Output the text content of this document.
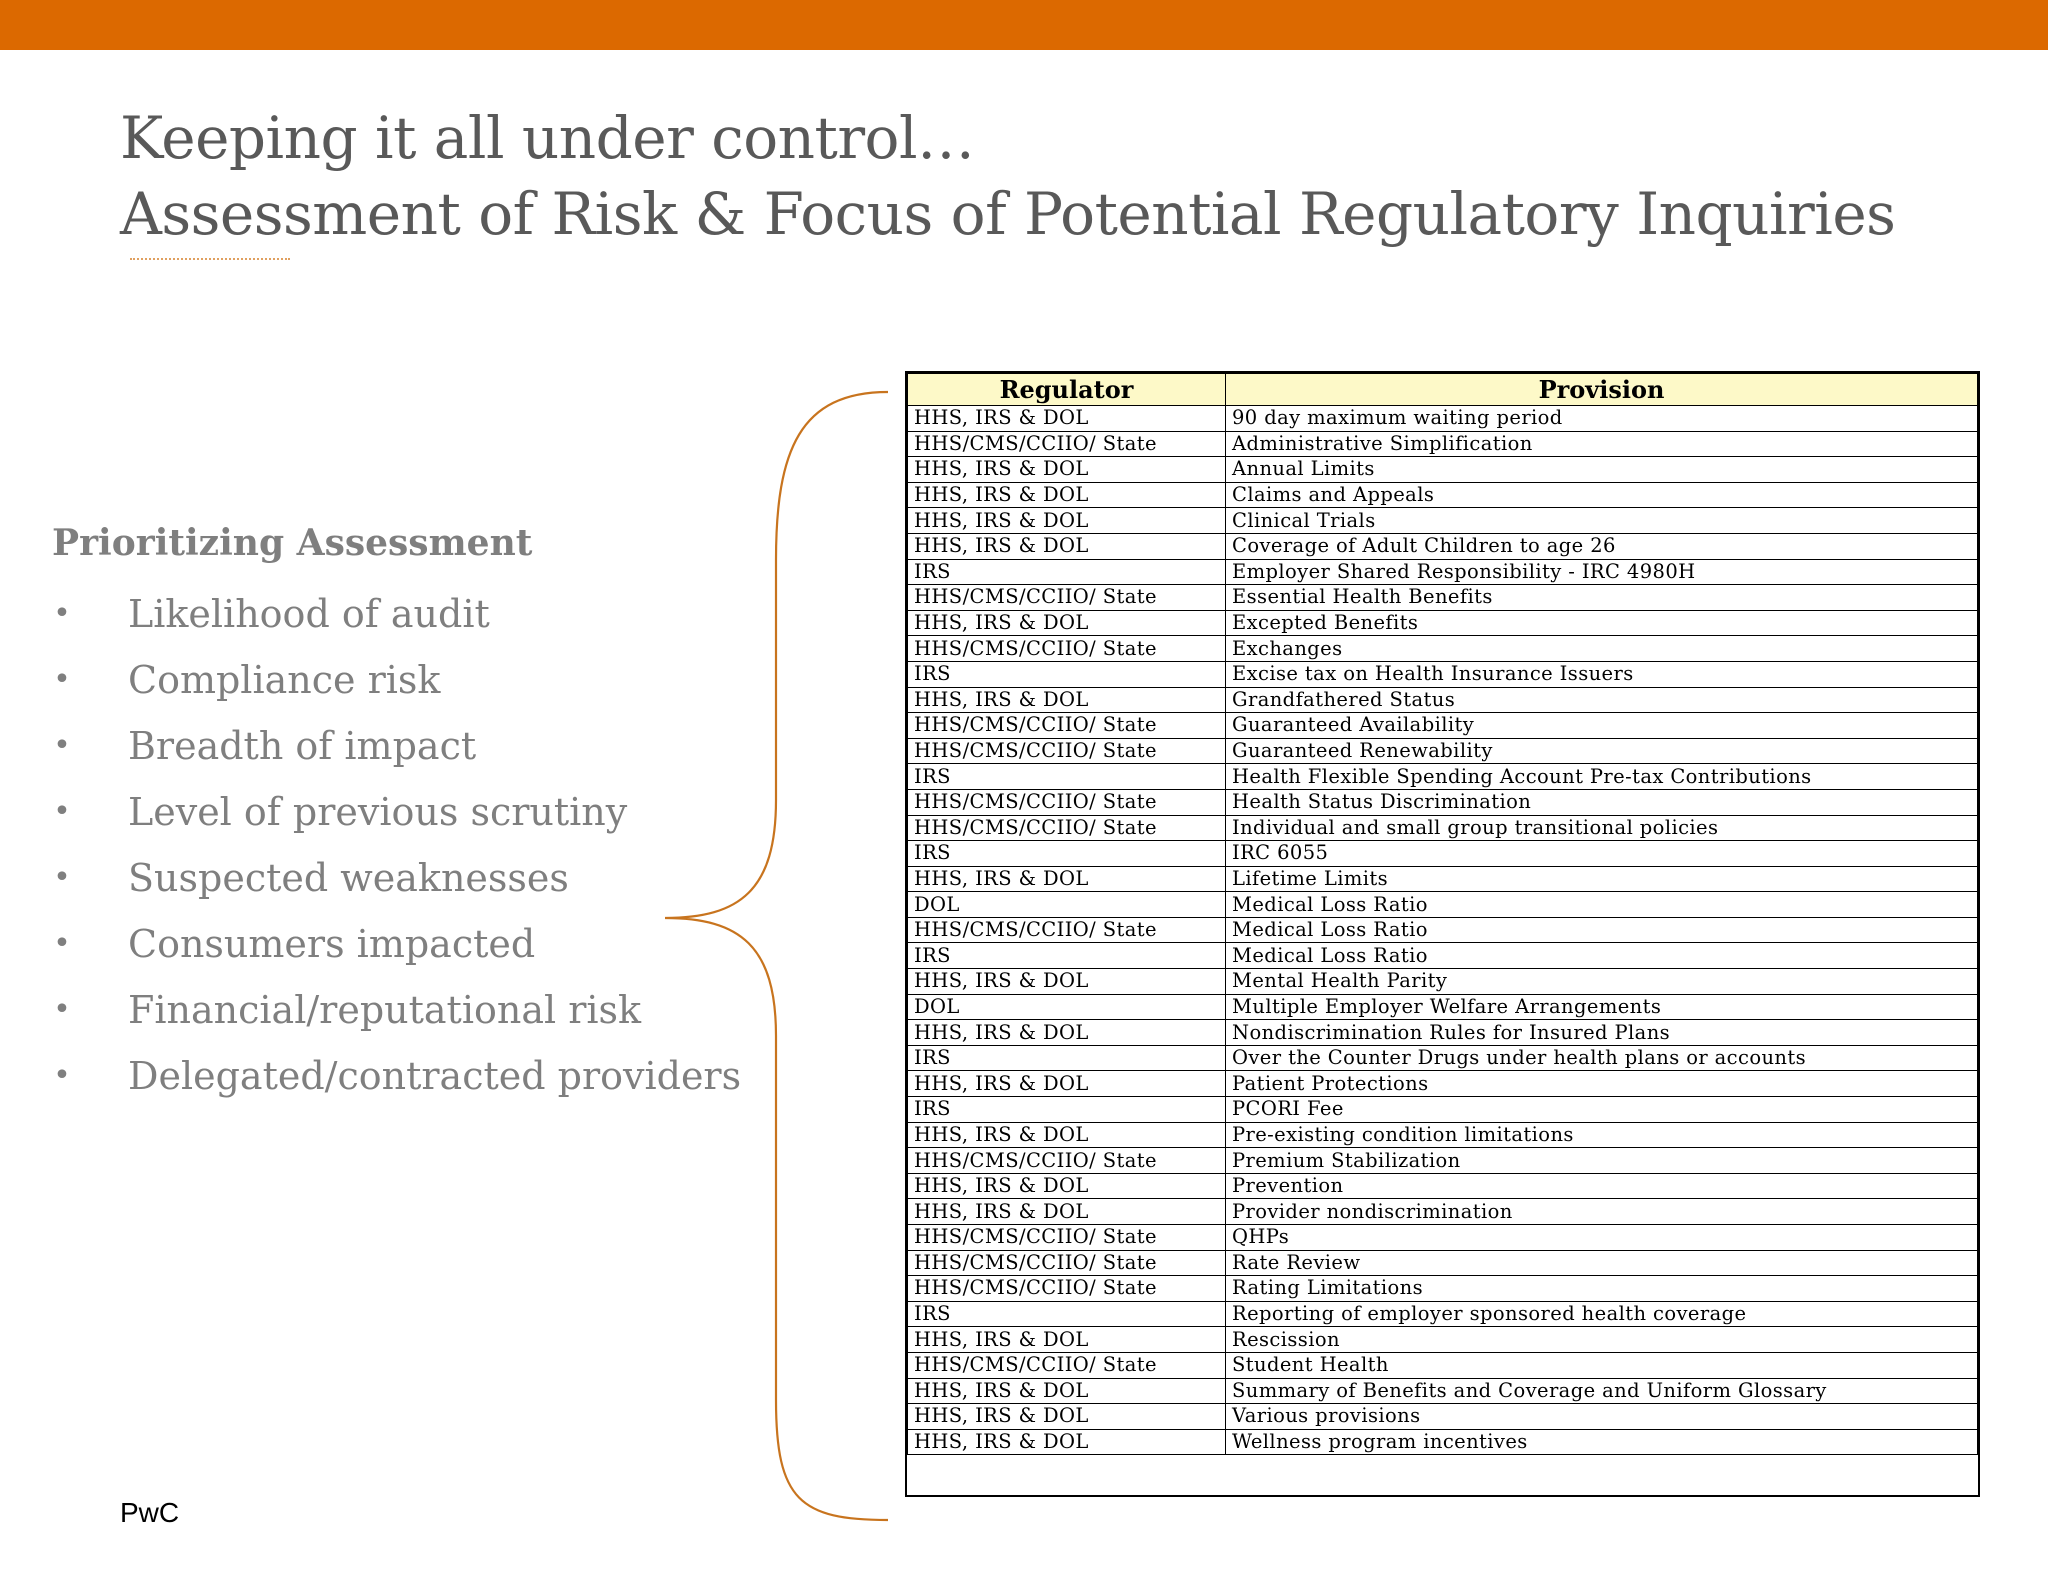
Keeping it all under control…
Assessment of Risk & Focus of Potential Regulatory Inquiries
Prioritizing Assessment
• Likelihood of audit
• Compliance risk
• Breadth of impact
• Level of previous scrutiny
• Suspected weaknesses
• Consumers impacted
• Financial/reputational risk
• Delegated/contracted providers
Regulator	Provision
HHS, IRS & DOL	90 day maximum waiting period
HHS/CMS/CCIIO/ State	Administrative Simplification
HHS, IRS & DOL	Annual Limits
HHS, IRS & DOL	Claims and Appeals
HHS, IRS & DOL	Clinical Trials
HHS, IRS & DOL	Coverage of Adult Children to age 26
IRS	Employer Shared Responsibility - IRC 4980H
HHS/CMS/CCIIO/ State	Essential Health Benefits
HHS, IRS & DOL	Excepted Benefits
HHS/CMS/CCIIO/ State	Exchanges
IRS	Excise tax on Health Insurance Issuers
HHS, IRS & DOL	Grandfathered Status
HHS/CMS/CCIIO/ State	Guaranteed Availability
HHS/CMS/CCIIO/ State	Guaranteed Renewability
IRS	Health Flexible Spending Account Pre-tax Contributions
HHS/CMS/CCIIO/ State	Health Status Discrimination
HHS/CMS/CCIIO/ State	Individual and small group transitional policies
IRS	IRC 6055
HHS, IRS & DOL	Lifetime Limits
DOL	Medical Loss Ratio
HHS/CMS/CCIIO/ State	Medical Loss Ratio
IRS	Medical Loss Ratio
HHS, IRS & DOL	Mental Health Parity
DOL	Multiple Employer Welfare Arrangements
HHS, IRS & DOL	Nondiscrimination Rules for Insured Plans
IRS	Over the Counter Drugs under health plans or accounts
HHS, IRS & DOL	Patient Protections
IRS	PCORI Fee
HHS, IRS & DOL	Pre-existing condition limitations
HHS/CMS/CCIIO/ State	Premium Stabilization
HHS, IRS & DOL	Prevention
HHS, IRS & DOL	Provider nondiscrimination
HHS/CMS/CCIIO/ State	QHPs
HHS/CMS/CCIIO/ State	Rate Review
HHS/CMS/CCIIO/ State	Rating Limitations
IRS	Reporting of employer sponsored health coverage
HHS, IRS & DOL	Rescission
HHS/CMS/CCIIO/ State	Student Health
HHS, IRS & DOL	Summary of Benefits and Coverage and Uniform Glossary
HHS, IRS & DOL	Various provisions
HHS, IRS & DOL	Wellness program incentives
PwC
